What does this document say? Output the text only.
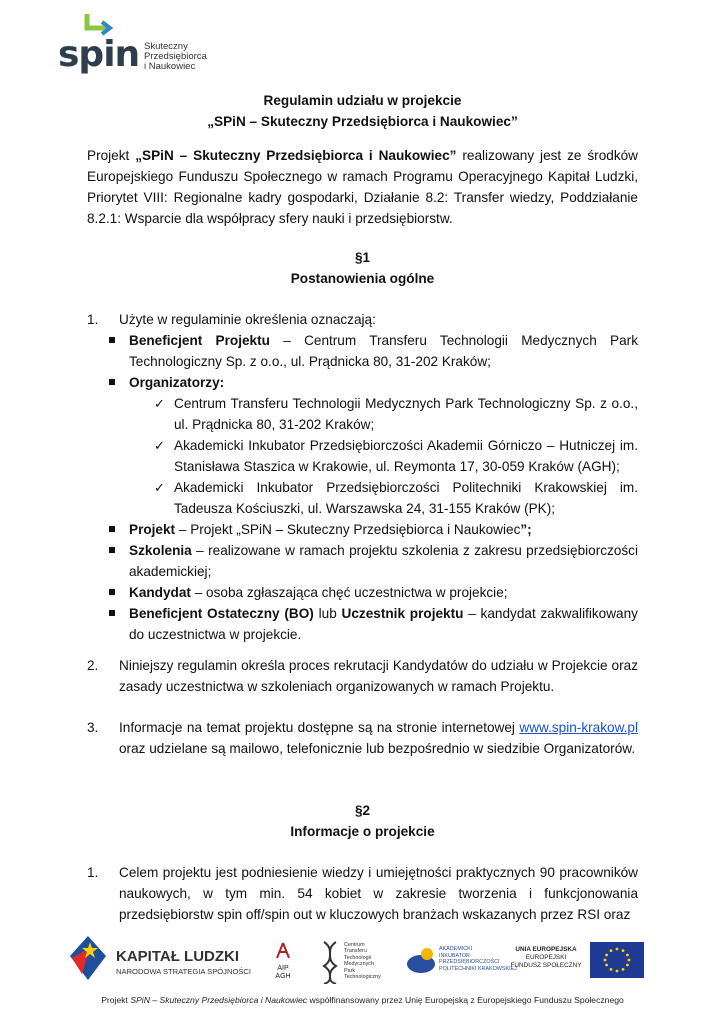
spin Skuteczny
Przedsiębiorca
i Naukowiec
Regulamin udziału w projekcie
„SPiN – Skuteczny Przedsiębiorca i Naukowiec”
Projekt „SPiN – Skuteczny Przedsiębiorca i Naukowiec” realizowany jest ze środków Europejskiego Funduszu Społecznego w ramach Programu Operacyjnego Kapitał Ludzki, Priorytet VIII: Regionalne kadry gospodarki, Działanie 8.2: Transfer wiedzy, Poddziałanie 8.2.1: Wsparcie dla współpracy sfery nauki i przedsiębiorstw.
§1
Postanowienia ogólne
1. Użyte w regulaminie określenia oznaczają:
Beneficjent Projektu – Centrum Transferu Technologii Medycznych Park Technologiczny Sp. z o.o., ul. Prądnicka 80, 31-202 Kraków;
Organizatorzy:
✓ Centrum Transferu Technologii Medycznych Park Technologiczny Sp. z o.o., ul. Prądnicka 80, 31-202 Kraków;
✓ Akademicki Inkubator Przedsiębiorczości Akademii Górniczo – Hutniczej im. Stanisława Staszica w Krakowie, ul. Reymonta 17, 30-059 Kraków (AGH);
✓ Akademicki Inkubator Przedsiębiorczości Politechniki Krakowskiej im. Tadeusza Kościuszki, ul. Warszawska 24, 31-155 Kraków (PK);
Projekt – Projekt „SPiN – Skuteczny Przedsiębiorca i Naukowiec”;
Szkolenia – realizowane w ramach projektu szkolenia z zakresu przedsiębiorczości akademickiej;
Kandydat – osoba zgłaszająca chęć uczestnictwa w projekcie;
Beneficjent Ostateczny (BO) lub Uczestnik projektu – kandydat zakwalifikowany do uczestnictwa w projekcie.
2. Niniejszy regulamin określa proces rekrutacji Kandydatów do udziału w Projekcie oraz zasady uczestnictwa w szkoleniach organizowanych w ramach Projektu.
3. Informacje na temat projektu dostępne są na stronie internetowej www.spin-krakow.pl oraz udzielane są mailowo, telefonicznie lub bezpośrednio w siedzibie Organizatorów.
§2
Informacje o projekcie
1. Celem projektu jest podniesienie wiedzy i umiejętności praktycznych 90 pracowników naukowych, w tym min. 54 kobiet w zakresie tworzenia i funkcjonowania przedsiębiorstw spin off/spin out w kluczowych branżach wskazanych przez RSI oraz
KAPITAŁ LUDZKI
NARODOWA STRATEGIA SPÓJNOŚCI	AIP
AGH
Centrum
Transferu
Technologii
Medycznych
Park
Technologiczny
AKADEMICKI
INKUBATOR
PRZEDSIĘBIORCZOŚCI
POLITECHNIKI KRAKOWSKIEJ
UNIA EUROPEJSKA
EUROPEJSKI
FUNDUSZ SPOŁECZNY
Projekt SPiN – Skuteczny Przedsiębiorca i Naukowiec współfinansowany przez Unię Europejską z Europejskiego Funduszu Społecznego
